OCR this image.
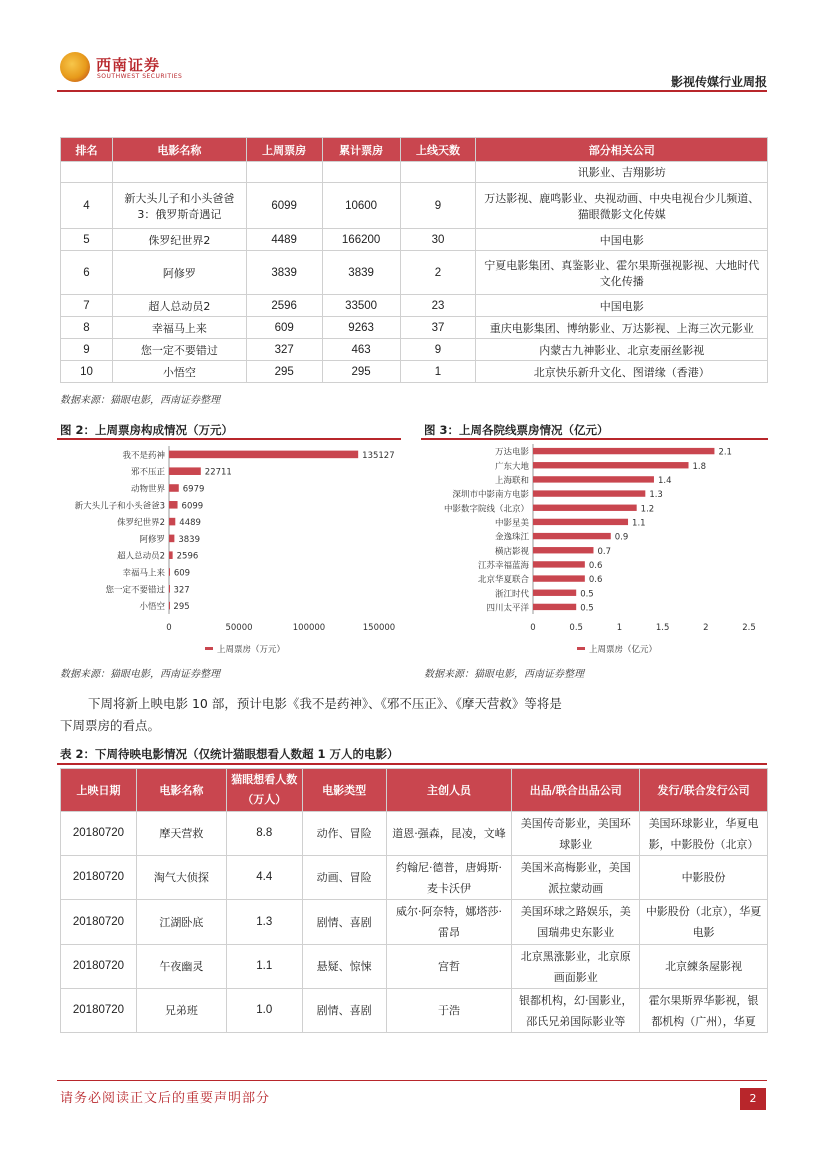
西南证券
SOUTHWEST SECURITIES	影视传媒行业周报
排名	电影名称	上周票房	累计票房	上线天数	部分相关公司
					讯影业、吉翔影坊
4	新大头儿子和小头爸爸3：俄罗斯奇遇记	6099	10600	9	万达影视、鹿鸣影业、央视动画、中央电视台少儿频道、猫眼微影文化传媒
5	侏罗纪世界2	4489	166200	30	中国电影
6	阿修罗	3839	3839	2	宁夏电影集团、真鉴影业、霍尔果斯强视影视、大地时代文化传播
7	超人总动员2	2596	33500	23	中国电影
8	幸福马上来	609	9263	37	重庆电影集团、博纳影业、万达影视、上海三次元影业
9	您一定不要错过	327	463	9	内蒙古九神影业、北京麦丽丝影视
10	小悟空	295	295	1	北京快乐新升文化、图谱缘（香港）
数据来源：猫眼电影，西南证券整理
图 2：上周票房构成情况（万元）
我不是药神	135127
邪不压正	22711
动物世界 6979
新大头儿子和小头爸爸3 6099
侏罗纪世界2 4489
阿修罗 3839
超人总动员2 2596
幸福马上来 609
您一定不要错过 327
小悟空 295
0	50000	100000	150000
上周票房（万元）
数据来源：猫眼电影，西南证券整理
图 3：上周各院线票房情况（亿元）
万达电影	2.1
广东大地	1.8
上海联和	1.4
深圳市中影南方电影	1.3
中影数字院线（北京）	1.2
中影星美	1.1
金逸珠江	0.9
横店影视	0.7
江苏幸福蓝海	0.6
北京华夏联合	0.6
浙江时代	0.5
四川太平洋	0.5
0	0.5	1	1.5	2	2.5
上周票房（亿元）
数据来源：猫眼电影，西南证券整理
下周将新上映电影 10 部，预计电影《我不是药神》、《邪不压正》、《摩天营救》等将是
下周票房的看点。
表 2：下周待映电影情况（仅统计猫眼想看人数超 1 万人的电影）
上映日期	电影名称	猫眼想看人数（万人）	电影类型	主创人员	出品/联合出品公司	发行/联合发行公司
20180720	摩天营救	8.8	动作、冒险	道恩·强森，昆凌，文峰	美国传奇影业，美国环球影业	美国环球影业，华夏电影，中影股份（北京）
20180720	淘气大侦探	4.4	动画、冒险	约翰尼·德普，唐姆斯·麦卡沃伊	美国米高梅影业，美国派拉蒙动画	中影股份
20180720	江湖卧底	1.3	剧情、喜剧	威尔·阿奈特，娜塔莎·雷昂	美国环球之路娱乐，美国瑞弗史东影业	中影股份（北京），华夏电影
20180720	午夜幽灵	1.1	悬疑、惊悚	宫哲	北京黑涨影业，北京原画面影业	北京練条屋影视
20180720	兄弟班	1.0	剧情、喜剧	于浩	银都机构，幻·国影业，邵氏兄弟国际影业等	霍尔果斯界华影视，银都机构（广州），华夏
请务必阅读正文后的重要声明部分	2
